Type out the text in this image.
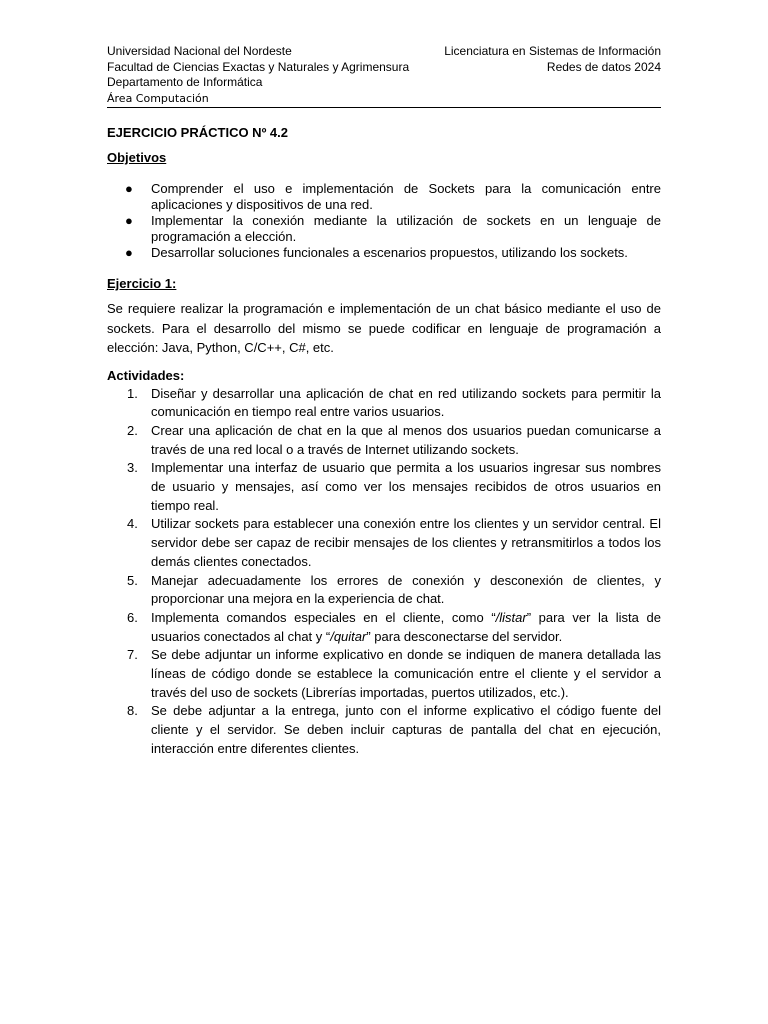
Universidad Nacional del Nordeste
Facultad de Ciencias Exactas y Naturales y Agrimensura
Departamento de Informática
Área Computación
Licenciatura en Sistemas de Información
Redes de datos 2024

EJERCICIO PRÁCTICO Nº 4.2

Objetivos

● Comprender el uso e implementación de Sockets para la comunicación entre aplicaciones y dispositivos de una red.
● Implementar la conexión mediante la utilización de sockets en un lenguaje de programación a elección.
● Desarrollar soluciones funcionales a escenarios propuestos, utilizando los sockets.

Ejercicio 1:

Se requiere realizar la programación e implementación de un chat básico mediante el uso de sockets. Para el desarrollo del mismo se puede codificar en lenguaje de programación a elección: Java, Python, C/C++, C#, etc.

Actividades:

1. Diseñar y desarrollar una aplicación de chat en red utilizando sockets para permitir la comunicación en tiempo real entre varios usuarios.
2. Crear una aplicación de chat en la que al menos dos usuarios puedan comunicarse a través de una red local o a través de Internet utilizando sockets.
3. Implementar una interfaz de usuario que permita a los usuarios ingresar sus nombres de usuario y mensajes, así como ver los mensajes recibidos de otros usuarios en tiempo real.
4. Utilizar sockets para establecer una conexión entre los clientes y un servidor central. El servidor debe ser capaz de recibir mensajes de los clientes y retransmitirlos a todos los demás clientes conectados.
5. Manejar adecuadamente los errores de conexión y desconexión de clientes, y proporcionar una mejora en la experiencia de chat.
6. Implementa comandos especiales en el cliente, como “/listar” para ver la lista de usuarios conectados al chat y “/quitar” para desconectarse del servidor.
7. Se debe adjuntar un informe explicativo en donde se indiquen de manera detallada las líneas de código donde se establece la comunicación entre el cliente y el servidor a través del uso de sockets (Librerías importadas, puertos utilizados, etc.).
8. Se debe adjuntar a la entrega, junto con el informe explicativo el código fuente del cliente y el servidor. Se deben incluir capturas de pantalla del chat en ejecución, interacción entre diferentes clientes.
